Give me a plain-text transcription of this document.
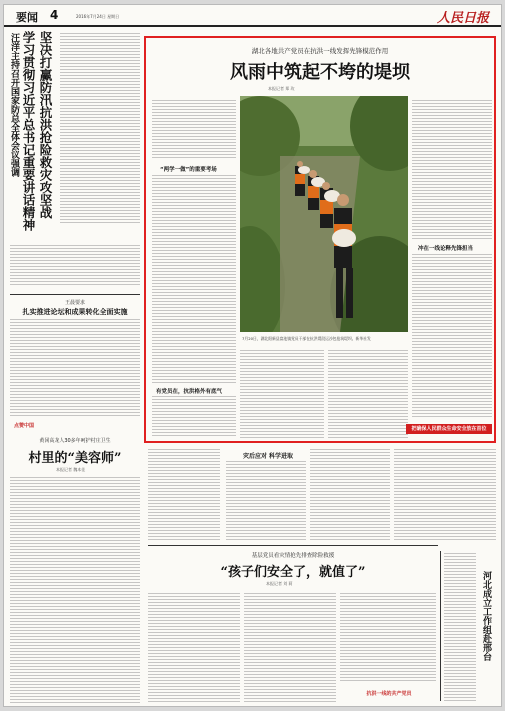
要闻 4	2016年7月24日 星期日	人民日报
汪洋主持召开国家防总全体会议强调 学习贯彻习近平总书记重要讲话精神 坚决打赢防汛抗洪抢险救灾攻坚战
王晨要求
扎实推进论坛和成果转化全面实施
湖北各地共产党员在抗洪一线发挥先锋模范作用
风雨中筑起不垮的堤坝
本报记者 郑 玫
“两学一做”的重要考场
有党员在，抗洪格外有底气
7月20日，湖北阳新县富池镇党员干部在抗洪堤段运沙包抢筑堤坝。新华社发
冲在一线论释先锋担当
把确保人民群众生命安全放在首位
点赞中国
黄冈高龙人30多年呵护村庄卫生
村里的“美容师”
本报记者 魏本佳
灾后应对 科学进取
基层党员看灾情抢先排查除险救援
“孩子们安全了，就值了”
本报记者 刘 莉
抗洪一线的共产党员
河北成立工作组赴邢台
